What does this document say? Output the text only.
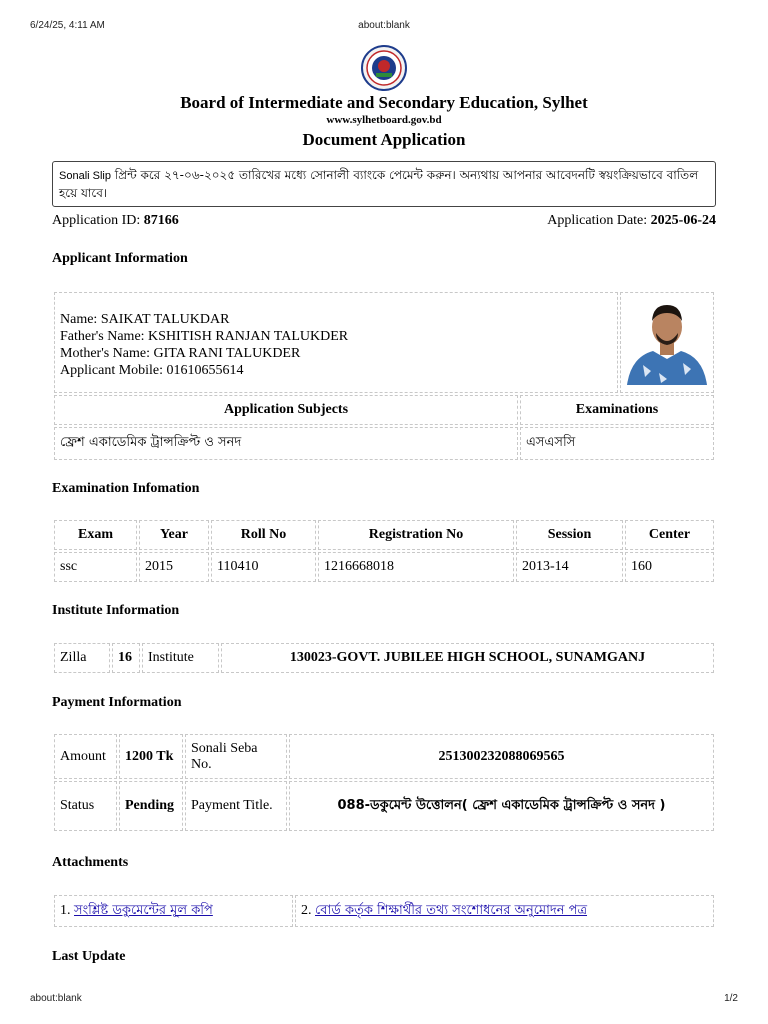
6/24/25, 4:11 AM	about:blank
Board of Intermediate and Secondary Education, Sylhet
www.sylhetboard.gov.bd
Document Application
Sonali Slip প্রিন্ট করে ২৭-০৬-২০২৫ তারিখের মধ্যে সোনালী ব্যাংকে পেমেন্ট করুন। অন্যথায় আপনার আবেদনটি স্বয়ংক্রিয়ভাবে বাতিল হয়ে যাবে।
Application ID: 87166	Application Date: 2025-06-24
Applicant Information
Name: SAIKAT TALUKDAR
Father's Name: KSHITISH RANJAN TALUKDER
Mother's Name: GITA RANI TALUKDER
Applicant Mobile: 01610655614

Application Subjects	Examinations
ফ্রেশ একাডেমিক ট্রান্সক্রিপ্ট ও সনদ	এসএসসি
Examination Infomation
Exam	Year	Roll No	Registration No	Session	Center
ssc	2015	110410	1216668018	2013-14	160
Institute Information
Zilla	16	Institute	130023-GOVT. JUBILEE HIGH SCHOOL, SUNAMGANJ
Payment Information
Amount	1200 Tk	Sonali Seba No.	251300232088069565
Status	Pending	Payment Title.	088-ডকুমেন্ট উত্তোলন( ফ্রেশ একাডেমিক ট্রান্সক্রিপ্ট ও সনদ )
Attachments
1. সংশ্লিষ্ট ডকুমেন্টের মূল কপি	2. বোর্ড কর্তৃক শিক্ষার্থীর তথ্য সংশোধনের অনুমোদন পত্র
Last Update
about:blank	1/2
